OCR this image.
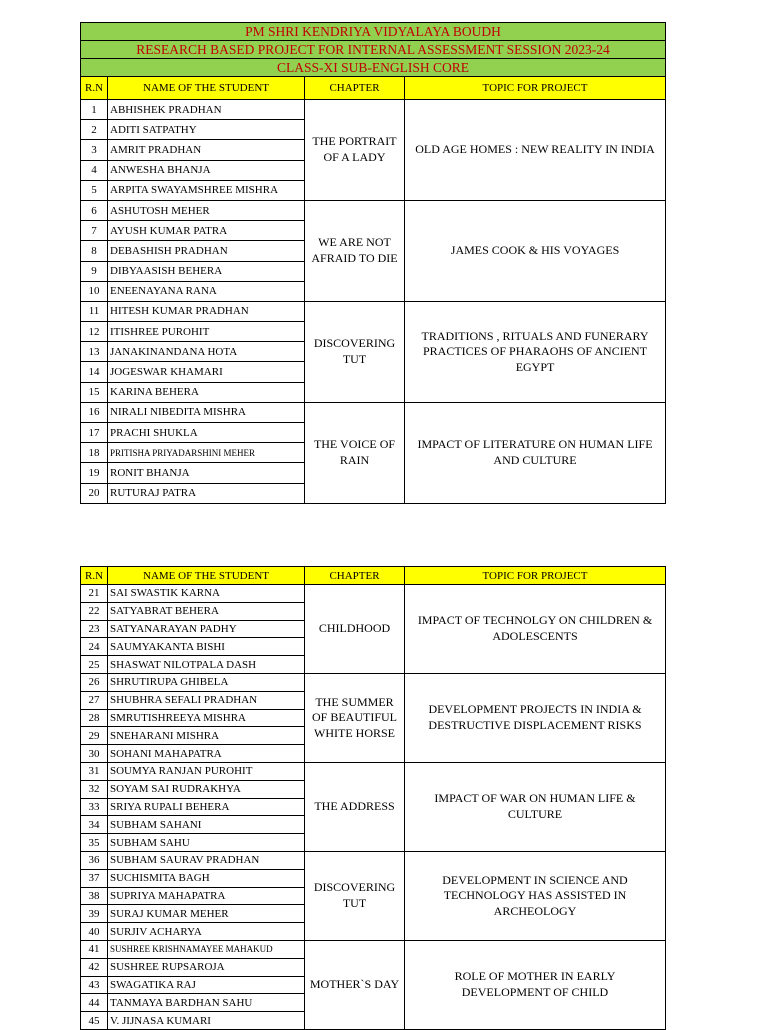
PM SHRI KENDRIYA VIDYALAYA BOUDH			
RESEARCH BASED PROJECT FOR INTERNAL ASSESSMENT SESSION 2023-24			
CLASS-XI SUB-ENGLISH CORE			
R.N	NAME OF THE STUDENT	CHAPTER	TOPIC FOR PROJECT
1	ABHISHEK PRADHAN	THE PORTRAIT OF A LADY	OLD AGE HOMES : NEW REALITY IN INDIA
2	ADITI SATPATHY		
3	AMRIT PRADHAN		
4	ANWESHA BHANJA		
5	ARPITA SWAYAMSHREE MISHRA		
6	ASHUTOSH MEHER	WE ARE NOT AFRAID TO DIE	JAMES COOK & HIS VOYAGES
7	AYUSH KUMAR PATRA		
8	DEBASHISH PRADHAN		
9	DIBYAASISH BEHERA		
10	ENEENAYANA RANA		
11	HITESH KUMAR PRADHAN	DISCOVERING TUT	TRADITIONS , RITUALS AND FUNERARY PRACTICES OF PHARAOHS OF ANCIENT EGYPT
12	ITISHREE PUROHIT		
13	JANAKINANDANA HOTA		
14	JOGESWAR KHAMARI		
15	KARINA BEHERA		
16	NIRALI NIBEDITA MISHRA	THE VOICE OF RAIN	IMPACT OF LITERATURE ON HUMAN LIFE AND CULTURE
17	PRACHI SHUKLA		
18	PRITISHA PRIYADARSHINI MEHER		
19	RONIT BHANJA		
20	RUTURAJ PATRA		
R.N	NAME OF THE STUDENT	CHAPTER	TOPIC FOR PROJECT
21	SAI SWASTIK KARNA	CHILDHOOD	IMPACT OF TECHNOLGY ON CHILDREN & ADOLESCENTS
22	SATYABRAT BEHERA		
23	SATYANARAYAN PADHY		
24	SAUMYAKANTA BISHI		
25	SHASWAT NILOTPALA DASH		
26	SHRUTIRUPA GHIBELA	THE SUMMER OF BEAUTIFUL WHITE HORSE	DEVELOPMENT PROJECTS IN INDIA & DESTRUCTIVE DISPLACEMENT RISKS
27	SHUBHRA SEFALI PRADHAN		
28	SMRUTISHREEYA MISHRA		
29	SNEHARANI MISHRA		
30	SOHANI MAHAPATRA		
31	SOUMYA RANJAN PUROHIT	THE ADDRESS	IMPACT OF WAR ON HUMAN LIFE & CULTURE
32	SOYAM SAI RUDRAKHYA		
33	SRIYA RUPALI BEHERA		
34	SUBHAM SAHANI		
35	SUBHAM SAHU		
36	SUBHAM SAURAV PRADHAN	DISCOVERING TUT	DEVELOPMENT IN SCIENCE AND TECHNOLOGY HAS ASSISTED IN ARCHEOLOGY
37	SUCHISMITA BAGH		
38	SUPRIYA MAHAPATRA		
39	SURAJ KUMAR MEHER		
40	SURJIV ACHARYA		
41	SUSHREE KRISHNAMAYEE MAHAKUD	MOTHER`S DAY	ROLE OF MOTHER IN EARLY DEVELOPMENT OF CHILD
42	SUSHREE RUPSAROJA		
43	SWAGATIKA RAJ		
44	TANMAYA BARDHAN SAHU		
45	V. JIJNASA KUMARI		
